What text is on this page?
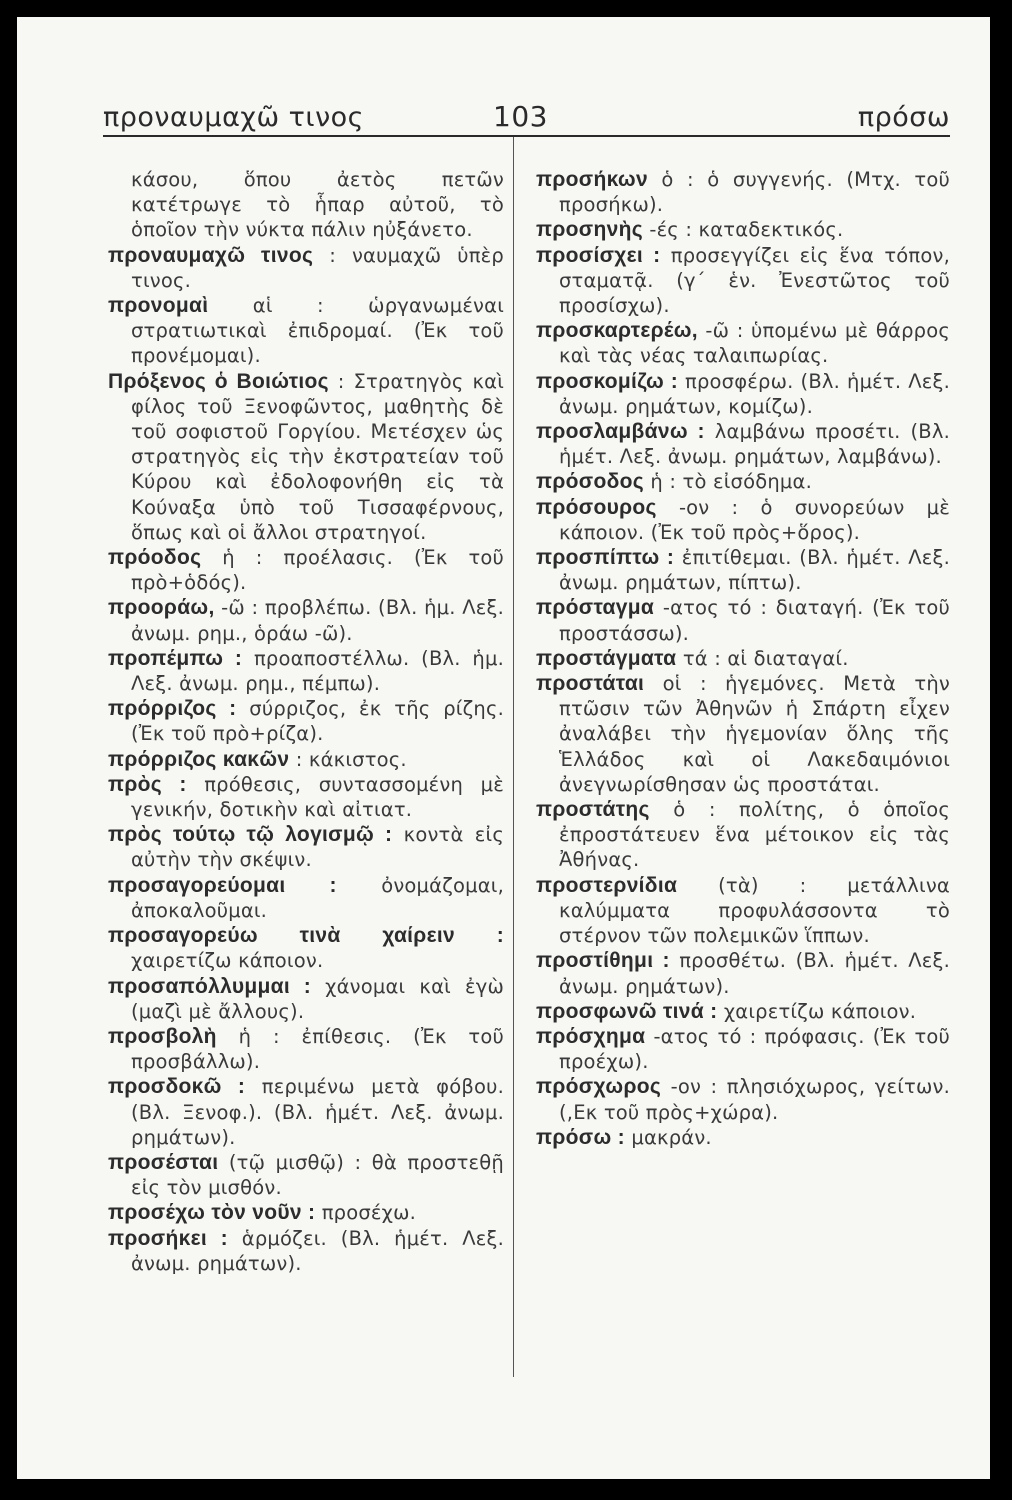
προναυμαχῶ τινος	103	πρόσω

κάσου, ὅπου ἀετὸς πετῶν κατέτρωγε τὸ ἧπαρ αὐτοῦ, τὸ ὁποῖον τὴν νύκτα πάλιν ηὐξάνετο.

προναυμαχῶ τινος : ναυμαχῶ ὑπὲρ τινος.

προνομαὶ αἱ : ὡργανωμέναι στρατιωτικαὶ ἐπιδρομαί. (Ἐκ τοῦ προνέμομαι).

Πρόξενος ὁ Βοιώτιος : Στρατηγὸς καὶ φίλος τοῦ Ξενοφῶντος, μαθητὴς δὲ τοῦ σοφιστοῦ Γοργίου. Μετέσχεν ὡς στρατηγὸς εἰς τὴν ἐκστρατείαν τοῦ Κύρου καὶ ἐδολοφονήθη εἰς τὰ Κούναξα ὑπὸ τοῦ Τισσαφέρνους, ὅπως καὶ οἱ ἄλλοι στρατηγοί.

πρόοδος ἡ : προέλασις. (Ἐκ τοῦ πρὸ+ὁδός).

προοράω, -ῶ : προβλέπω. (Βλ. ἡμ. Λεξ. ἀνωμ. ρημ., ὁράω -ῶ).

προπέμπω : προαποστέλλω. (Βλ. ἡμ. Λεξ. ἀνωμ. ρημ., πέμπω).

πρόρριζος : σύρριζος, ἐκ τῆς ρίζης. (Ἐκ τοῦ πρὸ+ρίζα).

πρόρριζος κακῶν : κάκιστος.

πρὸς : πρόθεσις, συντασσομένη μὲ γενικήν, δοτικὴν καὶ αἰτιατ.

πρὸς τούτῳ τῷ λογισμῷ : κοντὰ εἰς αὐτὴν τὴν σκέψιν.

προσαγορεύομαι : ὀνομάζομαι, ἀποκαλοῦμαι.

προσαγορεύω τινὰ χαίρειν : χαιρετίζω κάποιον.

προσαπόλλυμμαι : χάνομαι καὶ ἐγὼ (μαζὶ μὲ ἄλλους).

προσβολὴ ἡ : ἐπίθεσις. (Ἐκ τοῦ προσβάλλω).

προσδοκῶ : περιμένω μετὰ φόβου. (Βλ. Ξενοφ.). (Βλ. ἡμέτ. Λεξ. ἀνωμ. ρημάτων).

προσέσται (τῷ μισθῷ) : θὰ προστεθῇ εἰς τὸν μισθόν.

προσέχω τὸν νοῦν : προσέχω.

προσήκει : ἁρμόζει. (Βλ. ἡμέτ. Λεξ. ἀνωμ. ρημάτων).

προσήκων ὁ : ὁ συγγενής. (Μτχ. τοῦ προσήκω).

προσηνὴς -ές : καταδεκτικός.

προσίσχει : προσεγγίζει εἰς ἕνα τόπον, σταματᾷ. (γ΄ ἑν. Ἐνεστῶτος τοῦ προσίσχω).

προσκαρτερέω, -ῶ : ὑπομένω μὲ θάρρος καὶ τὰς νέας ταλαιπωρίας.

προσκομίζω : προσφέρω. (Βλ. ἡμέτ. Λεξ. ἀνωμ. ρημάτων, κομίζω).

προσλαμβάνω : λαμβάνω προσέτι. (Βλ. ἡμέτ. Λεξ. ἀνωμ. ρημάτων, λαμβάνω).

πρόσοδος ἡ : τὸ εἰσόδημα.

πρόσουρος -ον : ὁ συνορεύων μὲ κάποιον. (Ἐκ τοῦ πρὸς+ὅρος).

προσπίπτω : ἐπιτίθεμαι. (Βλ. ἡμέτ. Λεξ. ἀνωμ. ρημάτων, πίπτω).

πρόσταγμα -ατος τό : διαταγή. (Ἐκ τοῦ προστάσσω).

προστάγματα τά : αἱ διαταγαί.

προστάται οἱ : ἡγεμόνες. Μετὰ τὴν πτῶσιν τῶν Ἀθηνῶν ἡ Σπάρτη εἶχεν ἀναλάβει τὴν ἡγεμονίαν ὅλης τῆς Ἑλλάδος καὶ οἱ Λακεδαιμόνιοι ἀνεγνωρίσθησαν ὡς προστάται.

προστάτης ὁ : πολίτης, ὁ ὁποῖος ἐπροστάτευεν ἕνα μέτοικον εἰς τὰς Ἀθήνας.

προστερνίδια (τὰ) : μετάλλινα καλύμματα προφυλάσσοντα τὸ στέρνον τῶν πολεμικῶν ἵππων.

προστίθημι : προσθέτω. (Βλ. ἡμέτ. Λεξ. ἀνωμ. ρημάτων).

προσφωνῶ τινά : χαιρετίζω κάποιον.

πρόσχημα -ατος τό : πρόφασις. (Ἐκ τοῦ προέχω).

πρόσχωρος -ον : πλησιόχωρος, γείτων. (,Εκ τοῦ πρὸς+χώρα).

πρόσω : μακράν.
